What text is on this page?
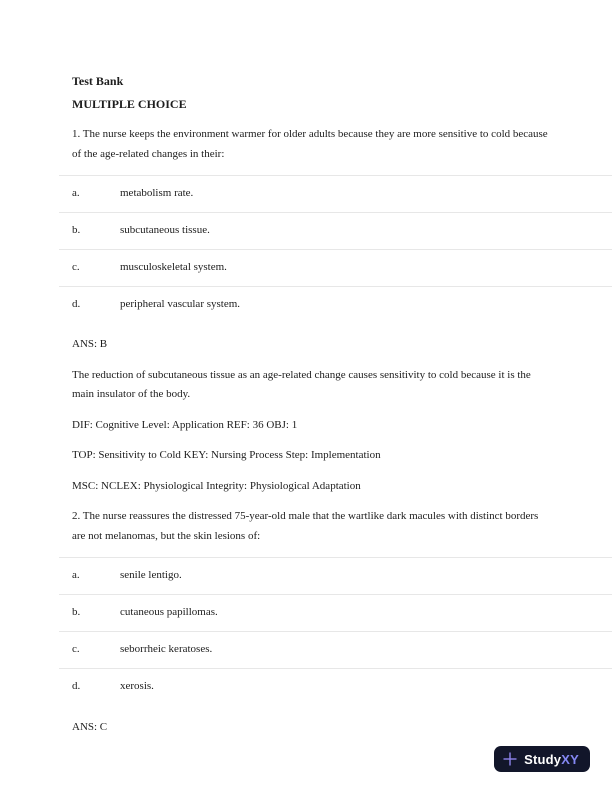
Test Bank
MULTIPLE CHOICE

1. The nurse keeps the environment warmer for older adults because they are more sensitive to cold because of the age-related changes in their:

a.	metabolism rate.
b.	subcutaneous tissue.
c.	musculoskeletal system.
d.	peripheral vascular system.

ANS: B

The reduction of subcutaneous tissue as an age-related change causes sensitivity to cold because it is the main insulator of the body.

DIF: Cognitive Level: Application REF: 36 OBJ: 1

TOP: Sensitivity to Cold KEY: Nursing Process Step: Implementation

MSC: NCLEX: Physiological Integrity: Physiological Adaptation

2. The nurse reassures the distressed 75-year-old male that the wartlike dark macules with distinct borders are not melanomas, but the skin lesions of:

a.	senile lentigo.
b.	cutaneous papillomas.
c.	seborrheic keratoses.
d.	xerosis.

ANS: C

StudyXY
